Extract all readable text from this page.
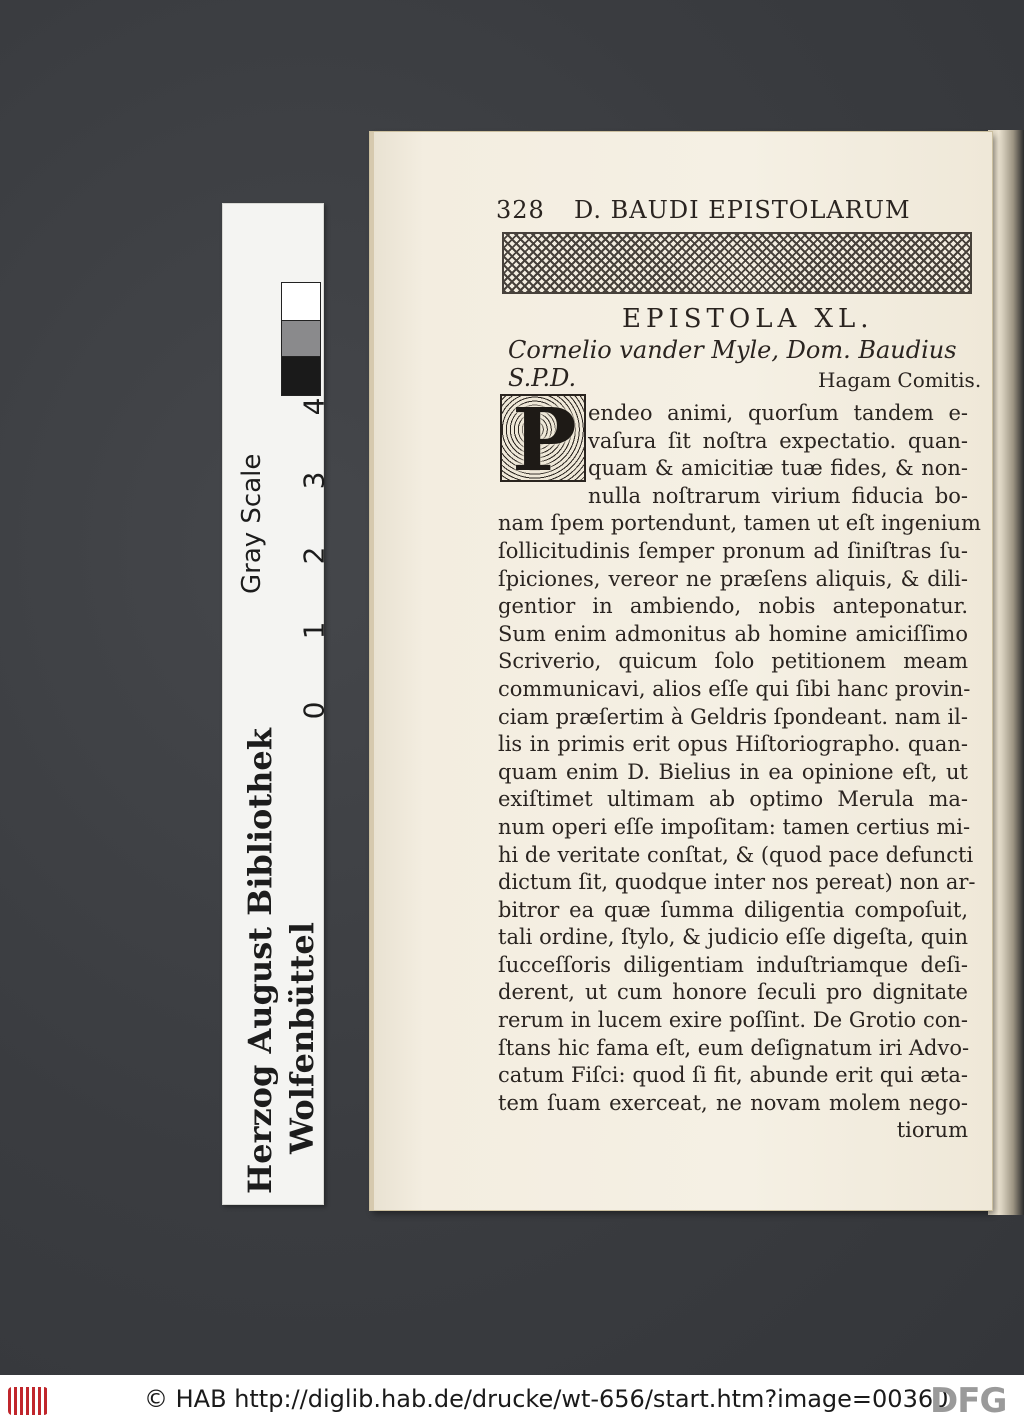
Gray Scale
0
1
2
3
4
Herzog August Bibliothek Wolfenbüttel
328 D. BAUDI EPISTOLARUM
EPISTOLA XL.
Cornelio vander Myle, Dom. Baudius S.P.D.	Hagam Comitis.
endeo animi, quorſum tandem e-
vaſura ſit noſtra expectatio. quan-
quam & amicitiæ tuæ fides, & non-
nulla noſtrarum virium fiducia bo-
nam ſpem portendunt, tamen ut eſt ingenium
ſollicitudinis ſemper pronum ad ſiniſtras ſu-
ſpiciones, vereor ne præſens aliquis, & dili-
gentior in ambiendo, nobis anteponatur.
Sum enim admonitus ab homine amiciſſimo
Scriverio, quicum ſolo petitionem meam
communicavi, alios eſſe qui ſibi hanc provin-
ciam præſertim à Geldris ſpondeant. nam il-
lis in primis erit opus Hiſtoriographo. quan-
quam enim D. Bielius in ea opinione eſt, ut
exiſtimet ultimam ab optimo Merula ma-
num operi eſſe impoſitam: tamen certius mi-
hi de veritate conſtat, & (quod pace defuncti
dictum ſit, quodque inter nos pereat) non ar-
bitror ea quæ ſumma diligentia compoſuit,
tali ordine, ſtylo, & judicio eſſe digeſta, quin
ſucceſſoris diligentiam induſtriamque deſi-
derent, ut cum honore ſeculi pro dignitate
rerum in lucem exire poſſint. De Grotio con-
ſtans hic fama eſt, eum deſignatum iri Advo-
catum Fiſci: quod ſi fit, abunde erit qui æta-
tem ſuam exerceat, ne novam molem nego-
tiorum
P
© HAB http://diglib.hab.de/drucke/wt-656/start.htm?image=00360
DFG
